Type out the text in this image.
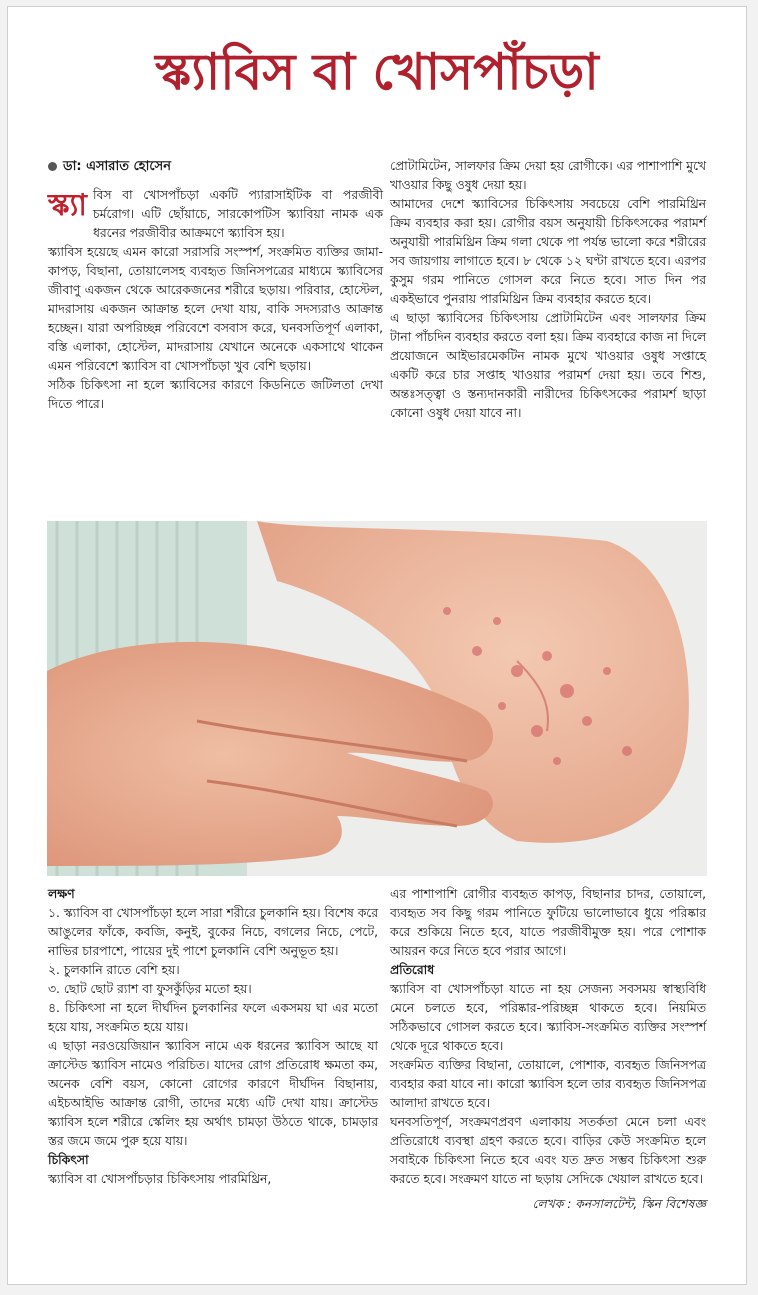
স্ক্যাবিস বা খোসপাঁচড়া

ডা: এসারাত হোসেন

স্ক্যা বিস বা খোসপাঁচড়া একটি প্যারাসাইটিক বা পরজীবী চর্মরোগ। এটি ছোঁয়াচে, সারকোপটিস স্ক্যাবিয়া নামক এক ধরনের পরজীবীর আক্রমণে স্ক্যাবিস হয়।

স্ক্যাবিস হয়েছে এমন কারো সরাসরি সংস্পর্শ, সংক্রমিত ব্যক্তির জামা-কাপড়, বিছানা, তোয়ালেসহ ব্যবহৃত জিনিসপত্রের মাধ্যমে স্ক্যাবিসের জীবাণু একজন থেকে আরেকজনের শরীরে ছড়ায়। পরিবার, হোস্টেল, মাদরাসায় একজন আক্রান্ত হলে দেখা যায়, বাকি সদস্যরাও আক্রান্ত হচ্ছেন। যারা অপরিচ্ছন্ন পরিবেশে বসবাস করে, ঘনবসতিপূর্ণ এলাকা, বস্তি এলাকা, হোস্টেল, মাদরাসায় যেখানে অনেকে একসাথে থাকেন এমন পরিবেশে স্ক্যাবিস বা খোসপাঁচড়া খুব বেশি ছড়ায়।

সঠিক চিকিৎসা না হলে স্ক্যাবিসের কারণে কিডনিতে জটিলতা দেখা দিতে পারে।

প্রোটামিটেন, সালফার ক্রিম দেয়া হয় রোগীকে। এর পাশাপাশি মুখে খাওয়ার কিছু ওষুধ দেয়া হয়।

আমাদের দেশে স্ক্যাবিসের চিকিৎসায় সবচেয়ে বেশি পারমিথ্রিন ক্রিম ব্যবহার করা হয়। রোগীর বয়স অনুযায়ী চিকিৎসকের পরামর্শ অনুযায়ী পারমিথ্রিন ক্রিম গলা থেকে পা পর্যন্ত ভালো করে শরীরের সব জায়গায় লাগাতে হবে। ৮ থেকে ১২ ঘণ্টা রাখতে হবে। এরপর কুসুম গরম পানিতে গোসল করে নিতে হবে। সাত দিন পর একইভাবে পুনরায় পারমিথ্রিন ক্রিম ব্যবহার করতে হবে।

এ ছাড়া স্ক্যাবিসের চিকিৎসায় প্রোটামিটেন এবং সালফার ক্রিম টানা পাঁচদিন ব্যবহার করতে বলা হয়। ক্রিম ব্যবহারে কাজ না দিলে প্রয়োজনে আইভারমেকটিন নামক মুখে খাওয়ার ওষুধ সপ্তাহে একটি করে চার সপ্তাহ খাওয়ার পরামর্শ দেয়া হয়। তবে শিশু, অন্তঃসত্ত্বা ও স্তন্যদানকারী নারীদের চিকিৎসকের পরামর্শ ছাড়া কোনো ওষুধ দেয়া যাবে না।

লক্ষণ

১. স্ক্যাবিস বা খোসপাঁচড়া হলে সারা শরীরে চুলকানি হয়। বিশেষ করে আঙুলের ফাঁকে, কবজি, কনুই, বুকের নিচে, বগলের নিচে, পেটে, নাভির চারপাশে, পায়ের দুই পাশে চুলকানি বেশি অনুভূত হয়।

২. চুলকানি রাতে বেশি হয়।

৩. ছোট ছোট র‍্যাশ বা ফুসকুঁড়ির মতো হয়।

৪. চিকিৎসা না হলে দীর্ঘদিন চুলকানির ফলে একসময় ঘা এর মতো হয়ে যায়, সংক্রমিত হয়ে যায়।

এ ছাড়া নরওয়েজিয়ান স্ক্যাবিস নামে এক ধরনের স্ক্যাবিস আছে যা ক্রাস্টেড স্ক্যাবিস নামেও পরিচিত। যাদের রোগ প্রতিরোধ ক্ষমতা কম, অনেক বেশি বয়স, কোনো রোগের কারণে দীর্ঘদিন বিছানায়, এইচআইভি আক্রান্ত রোগী, তাদের মধ্যে এটি দেখা যায়। ক্রাস্টেড স্ক্যাবিস হলে শরীরে স্কেলিং হয় অর্থাৎ চামড়া উঠতে থাকে, চামড়ার স্তর জমে জমে পুরু হয়ে যায়।

চিকিৎসা

স্ক্যাবিস বা খোসপাঁচড়ার চিকিৎসায় পারমিথ্রিন,

এর পাশাপাশি রোগীর ব্যবহৃত কাপড়, বিছানার চাদর, তোয়ালে, ব্যবহৃত সব কিছু গরম পানিতে ফুটিয়ে ভালোভাবে ধুয়ে পরিষ্কার করে শুকিয়ে নিতে হবে, যাতে পরজীবীমুক্ত হয়। পরে পোশাক আয়রন করে নিতে হবে পরার আগে।

প্রতিরোধ

স্ক্যাবিস বা খোসপাঁচড়া যাতে না হয় সেজন্য সবসময় স্বাস্থ্যবিধি মেনে চলতে হবে, পরিষ্কার-পরিচ্ছন্ন থাকতে হবে। নিয়মিত সঠিকভাবে গোসল করতে হবে। স্ক্যাবিস-সংক্রমিত ব্যক্তির সংস্পর্শ থেকে দূরে থাকতে হবে।

সংক্রমিত ব্যক্তির বিছানা, তোয়ালে, পোশাক, ব্যবহৃত জিনিসপত্র ব্যবহার করা যাবে না। কারো স্ক্যাবিস হলে তার ব্যবহৃত জিনিসপত্র আলাদা রাখতে হবে।

ঘনবসতিপূর্ণ, সংক্রমণপ্রবণ এলাকায় সতর্কতা মেনে চলা এবং প্রতিরোধে ব্যবস্থা গ্রহণ করতে হবে। বাড়ির কেউ সংক্রমিত হলে সবাইকে চিকিৎসা নিতে হবে এবং যত দ্রুত সম্ভব চিকিৎসা শুরু করতে হবে। সংক্রমণ যাতে না ছড়ায় সেদিকে খেয়াল রাখতে হবে।

লেখক : কনসালটেন্ট, স্কিন বিশেষজ্ঞ
